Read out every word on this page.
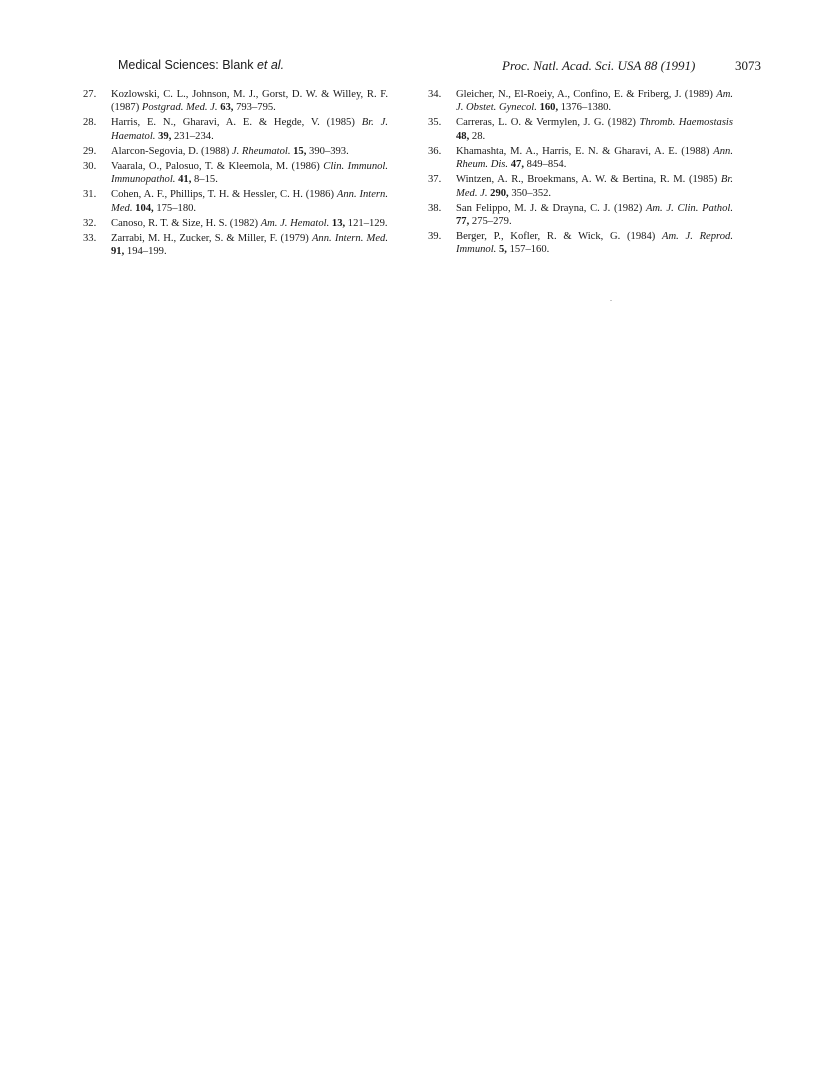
Medical Sciences: Blank et al.	Proc. Natl. Acad. Sci. USA 88 (1991)	3073
27.	Kozlowski, C. L., Johnson, M. J., Gorst, D. W. & Willey, R. F. (1987) Postgrad. Med. J. 63, 793–795.
28.	Harris, E. N., Gharavi, A. E. & Hegde, V. (1985) Br. J. Haematol. 39, 231–234.
29.	Alarcon-Segovia, D. (1988) J. Rheumatol. 15, 390–393.
30.	Vaarala, O., Palosuo, T. & Kleemola, M. (1986) Clin. Immunol. Immunopathol. 41, 8–15.
31.	Cohen, A. F., Phillips, T. H. & Hessler, C. H. (1986) Ann. Intern. Med. 104, 175–180.
32.	Canoso, R. T. & Size, H. S. (1982) Am. J. Hematol. 13, 121–129.
33.	Zarrabi, M. H., Zucker, S. & Miller, F. (1979) Ann. Intern. Med. 91, 194–199.
34.	Gleicher, N., El-Roeiy, A., Confino, E. & Friberg, J. (1989) Am. J. Obstet. Gynecol. 160, 1376–1380.
35.	Carreras, L. O. & Vermylen, J. G. (1982) Thromb. Haemostasis 48, 28.
36.	Khamashta, M. A., Harris, E. N. & Gharavi, A. E. (1988) Ann. Rheum. Dis. 47, 849–854.
37.	Wintzen, A. R., Broekmans, A. W. & Bertina, R. M. (1985) Br. Med. J. 290, 350–352.
38.	San Felippo, M. J. & Drayna, C. J. (1982) Am. J. Clin. Pathol. 77, 275–279.
39.	Berger, P., Kofler, R. & Wick, G. (1984) Am. J. Reprod. Immunol. 5, 157–160.
